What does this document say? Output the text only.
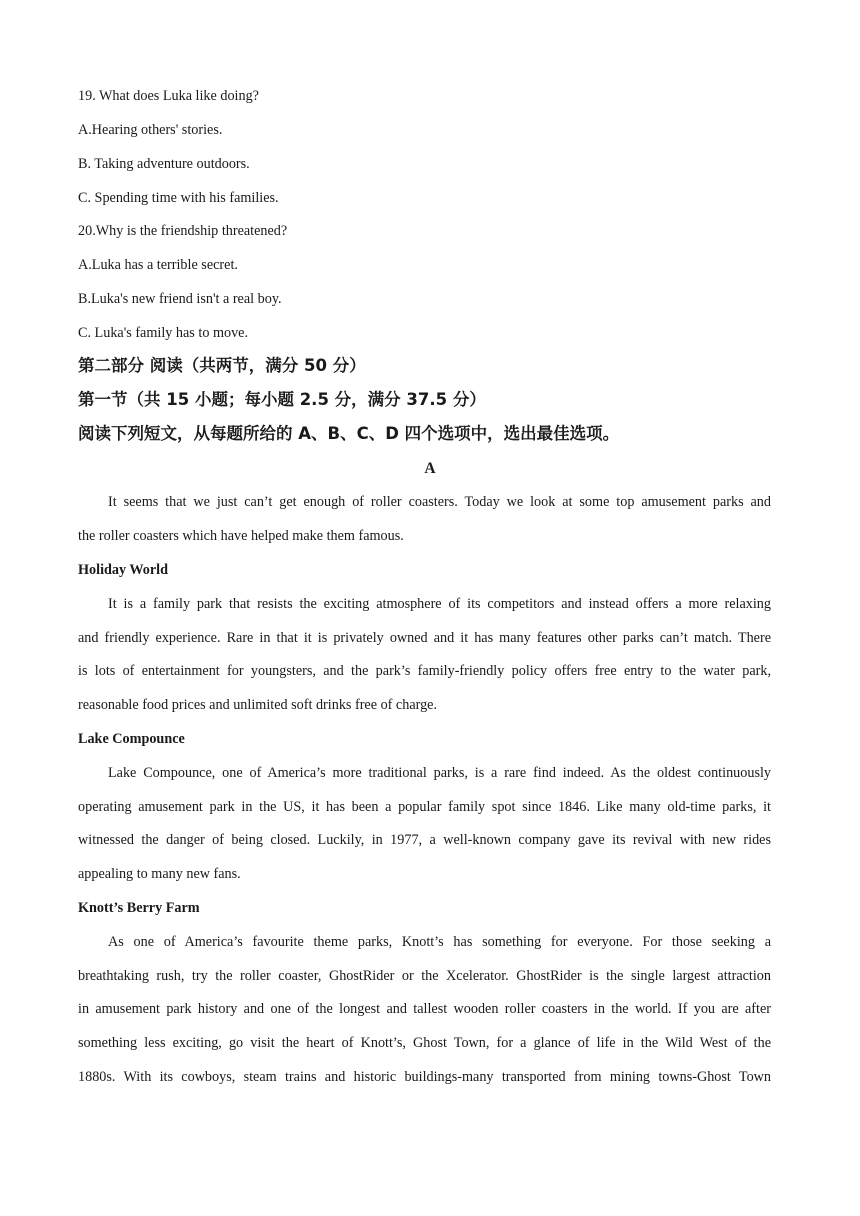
19. What does Luka like doing?

A.Hearing others' stories.

B. Taking adventure outdoors.

C. Spending time with his families.

20.Why is the friendship threatened?

A.Luka has a terrible secret.

B.Luka's new friend isn't a real boy.

C. Luka's family has to move.

第二部分 阅读（共两节，满分 50 分）

第一节（共 15 小题；每小题 2.5 分，满分 37.5 分）

阅读下列短文，从每题所给的 A、B、C、D 四个选项中，选出最佳选项。

A

It seems that we just can’t get enough of roller coasters. Today we look at some top amusement parks and

the roller coasters which have helped make them famous.

Holiday World

It is a family park that resists the exciting atmosphere of its competitors and instead offers a more relaxing

and friendly experience. Rare in that it is privately owned and it has many features other parks can’t match. There

is lots of entertainment for youngsters, and the park’s family-friendly policy offers free entry to the water park,

reasonable food prices and unlimited soft drinks free of charge.

Lake Compounce

Lake Compounce, one of America’s more traditional parks, is a rare find indeed. As the oldest continuously

operating amusement park in the US, it has been a popular family spot since 1846. Like many old-time parks, it

witnessed the danger of being closed. Luckily, in 1977, a well-known company gave its revival with new rides

appealing to many new fans.

Knott’s Berry Farm

As one of America’s favourite theme parks, Knott’s has something for everyone. For those seeking a

breathtaking rush, try the roller coaster, GhostRider or the Xcelerator. GhostRider is the single largest attraction

in amusement park history and one of the longest and tallest wooden roller coasters in the world. If you are after

something less exciting, go visit the heart of Knott’s, Ghost Town, for a glance of life in the Wild West of the

1880s. With its cowboys, steam trains and historic buildings-many transported from mining towns-Ghost Town
